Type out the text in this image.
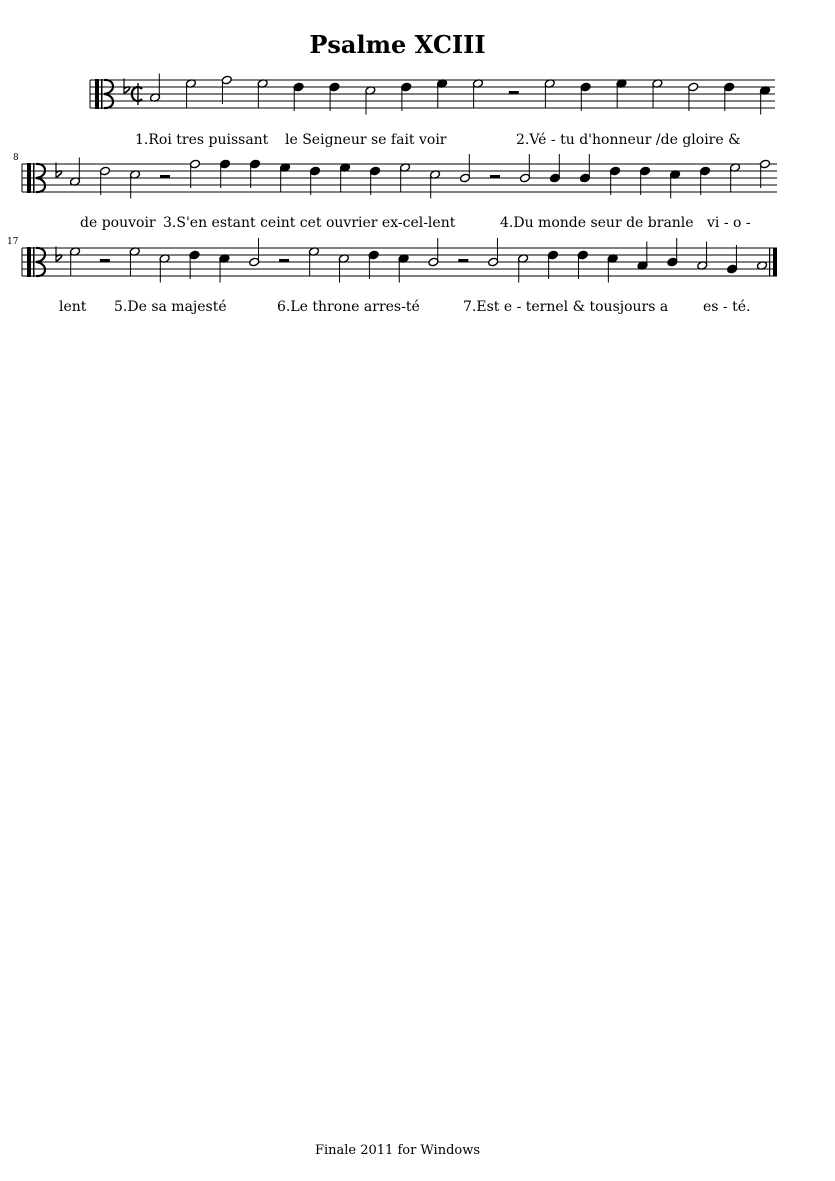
Psalme XCIII
8
17
1.Roi tres puissant le Seigneur se fait voir	2.Vé - tu d'honneur /de gloire &
de pouvoir 3.S'en estant ceint cet ouvrier ex-cel-lent	4.Du monde seur de branle vi - o -
lent 5.De sa majesté	6.Le throne arres-té	7.Est e - ternel & tousjours a es - té.
Finale 2011 for Windows
